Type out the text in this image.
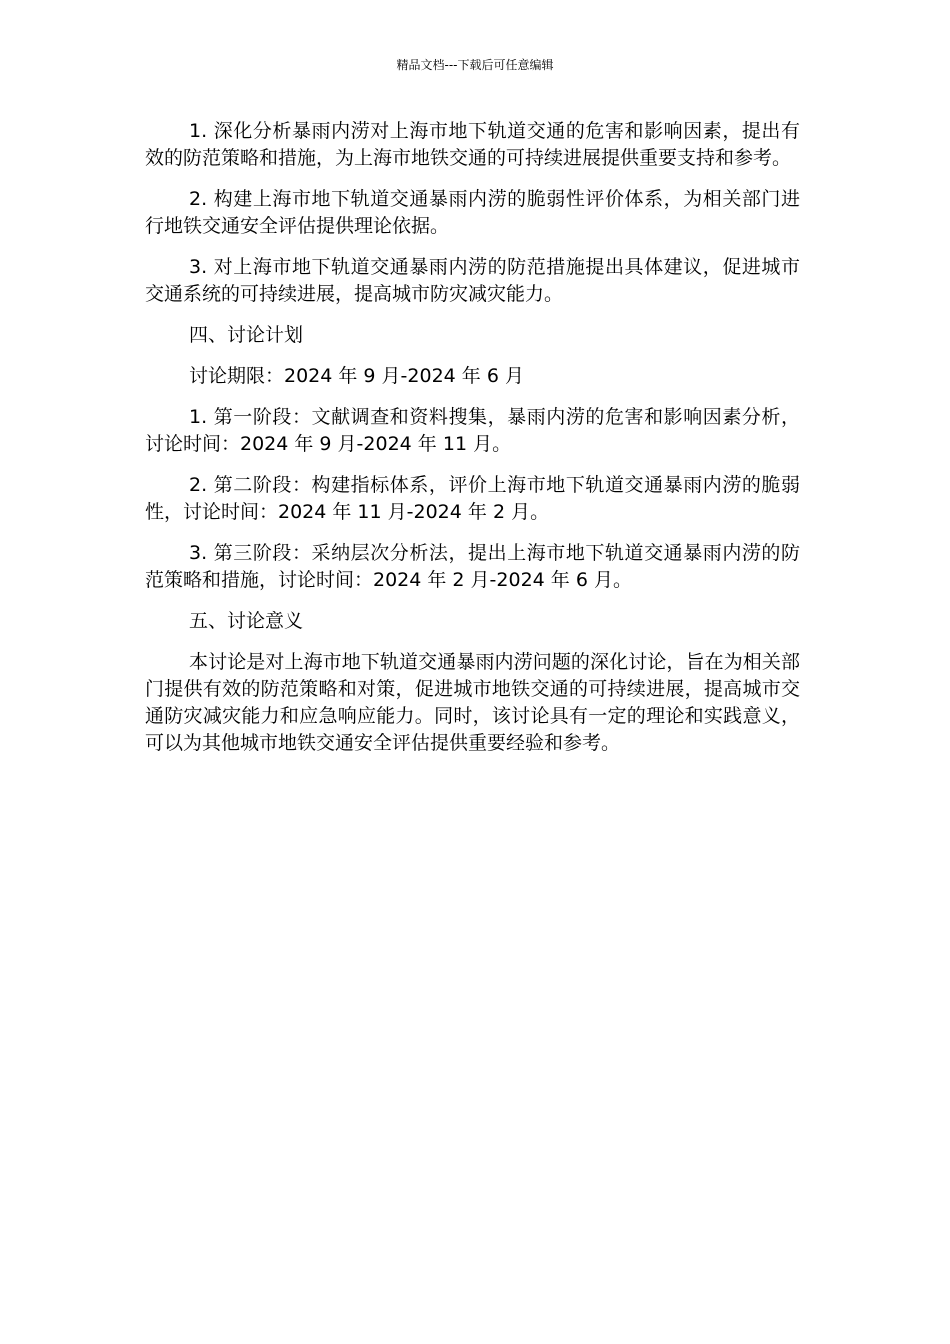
精品文档---下载后可任意编辑

1. 深化分析暴雨内涝对上海市地下轨道交通的危害和影响因素，提出有效的防范策略和措施，为上海市地铁交通的可持续进展提供重要支持和参考。

2. 构建上海市地下轨道交通暴雨内涝的脆弱性评价体系，为相关部门进行地铁交通安全评估提供理论依据。

3. 对上海市地下轨道交通暴雨内涝的防范措施提出具体建议，促进城市交通系统的可持续进展，提高城市防灾减灾能力。

四、讨论计划

讨论期限：2024 年 9 月-2024 年 6 月

1. 第一阶段：文献调查和资料搜集，暴雨内涝的危害和影响因素分析，讨论时间：2024 年 9 月-2024 年 11 月。

2. 第二阶段：构建指标体系，评价上海市地下轨道交通暴雨内涝的脆弱性，讨论时间：2024 年 11 月-2024 年 2 月。

3. 第三阶段：采纳层次分析法，提出上海市地下轨道交通暴雨内涝的防范策略和措施，讨论时间：2024 年 2 月-2024 年 6 月。

五、讨论意义

本讨论是对上海市地下轨道交通暴雨内涝问题的深化讨论，旨在为相关部门提供有效的防范策略和对策，促进城市地铁交通的可持续进展，提高城市交通防灾减灾能力和应急响应能力。同时，该讨论具有一定的理论和实践意义，可以为其他城市地铁交通安全评估提供重要经验和参考。
